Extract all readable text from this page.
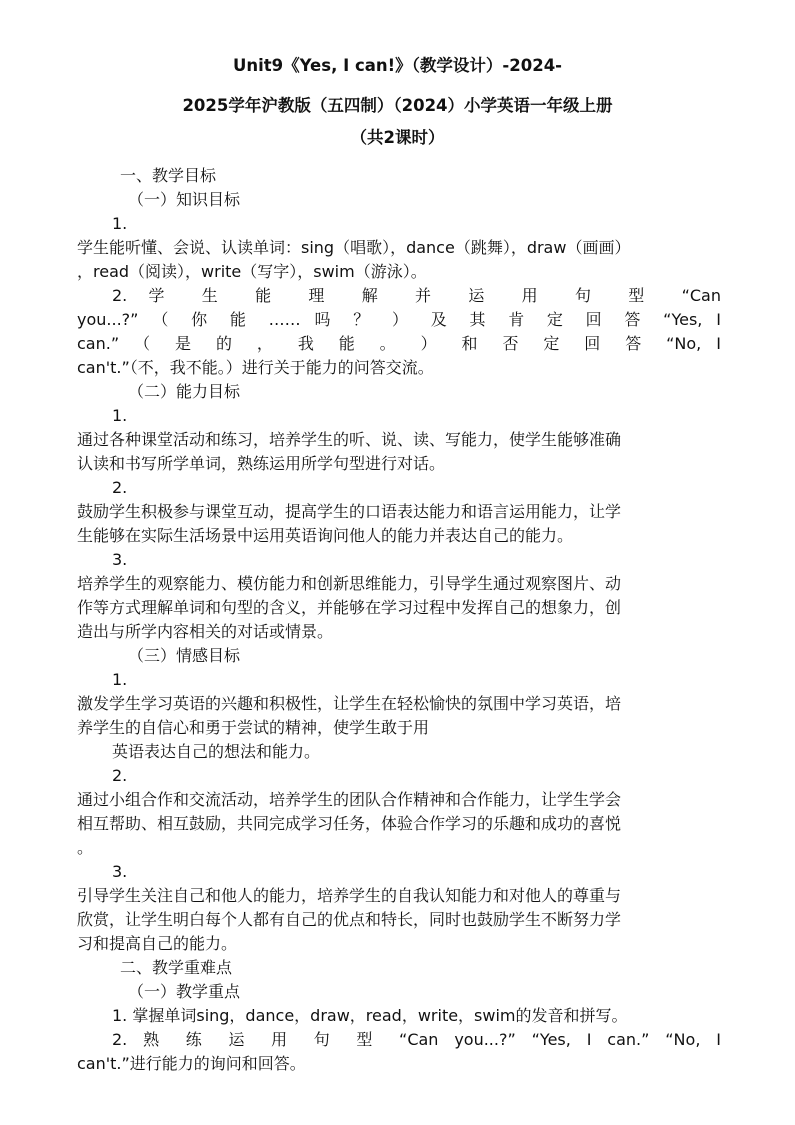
Unit9《Yes, I can!》（教学设计）-2024-
2025学年沪教版（五四制）（2024）小学英语一年级上册
（共2课时）
一、教学目标
（一）知识目标
1.
学生能听懂、会说、认读单词：sing（唱歌），dance（跳舞），draw（画画）
，read（阅读），write（写字），swim（游泳）。
2. 学 生 能 理 解 并 运 用 句 型 “Can
you...?” （ 你 能 …… 吗 ？ ） 及 其 肯 定 回 答 “Yes, I
can.” （ 是 的 ， 我 能 。 ） 和 否 定 回 答 “No, I
can't.”（不，我不能。）进行关于能力的问答交流。
（二）能力目标
1.
通过各种课堂活动和练习，培养学生的听、说、读、写能力，使学生能够准确
认读和书写所学单词，熟练运用所学句型进行对话。
2.
鼓励学生积极参与课堂互动，提高学生的口语表达能力和语言运用能力，让学
生能够在实际生活场景中运用英语询问他人的能力并表达自己的能力。
3.
培养学生的观察能力、模仿能力和创新思维能力，引导学生通过观察图片、动
作等方式理解单词和句型的含义，并能够在学习过程中发挥自己的想象力，创
造出与所学内容相关的对话或情景。
（三）情感目标
1.
激发学生学习英语的兴趣和积极性，让学生在轻松愉快的氛围中学习英语，培
养学生的自信心和勇于尝试的精神，使学生敢于用
英语表达自己的想法和能力。
2.
通过小组合作和交流活动，培养学生的团队合作精神和合作能力，让学生学会
相互帮助、相互鼓励，共同完成学习任务，体验合作学习的乐趣和成功的喜悦
。
3.
引导学生关注自己和他人的能力，培养学生的自我认知能力和对他人的尊重与
欣赏，让学生明白每个人都有自己的优点和特长，同时也鼓励学生不断努力学
习和提高自己的能力。
二、教学重难点
（一）教学重点
1. 掌握单词sing，dance，draw，read，write，swim的发音和拼写。
2. 熟 练 运 用 句 型 “Can you...?” “Yes, I can.” “No, I
can't.”进行能力的询问和回答。
